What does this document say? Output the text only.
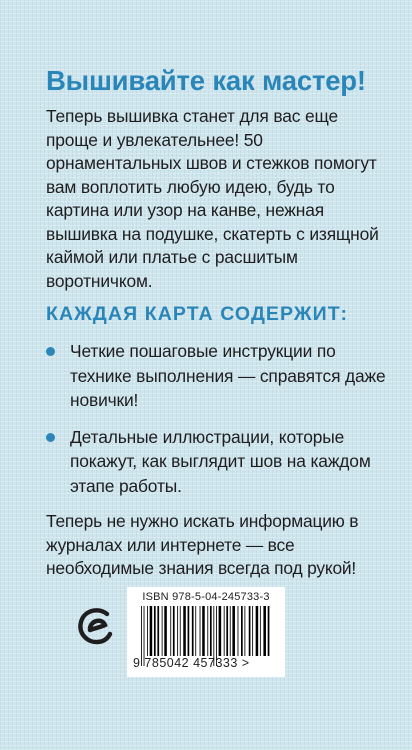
Вышивайте как мастер!

Теперь вышивка станет для вас еще проще и увлекательнее! 50 орнаментальных швов и стежков помогут вам воплотить любую идею, будь то картина или узор на канве, нежная вышивка на подушке, скатерть с изящной каймой или платье с расшитым воротничком.

КАЖДАЯ КАРТА СОДЕРЖИТ:
Четкие пошаговые инструкции по технике выполнения — справятся даже новички!
Детальные иллюстрации, которые покажут, как выглядит шов на каждом этапе работы.

Теперь не нужно искать информацию в журналах или интернете — все необходимые знания всегда под рукой!

ISBN 978-5-04-245733-3
9 785042 457333 >
